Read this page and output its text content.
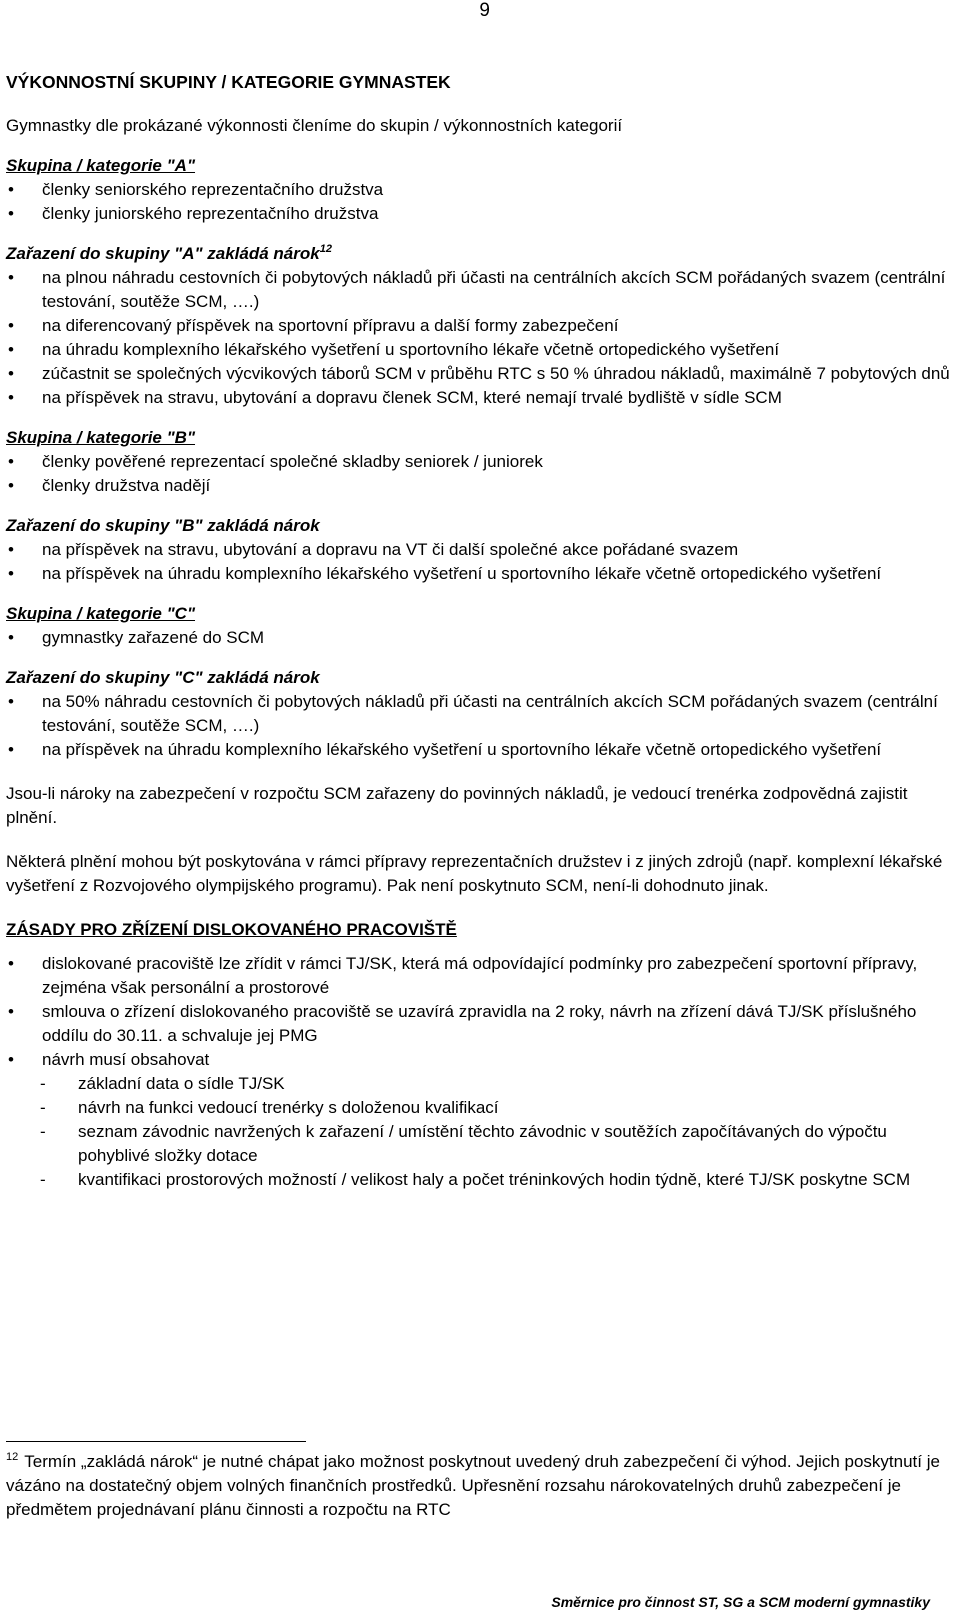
9

VÝKONNOSTNÍ SKUPINY / KATEGORIE GYMNASTEK

Gymnastky dle prokázané výkonnosti členíme do skupin / výkonnostních kategorií

Skupina / kategorie "A"

• členky seniorského reprezentačního družstva
• členky juniorského reprezentačního družstva

Zařazení do skupiny "A" zakládá nárok$^{12}$

• na plnou náhradu cestovních či pobytových nákladů při účasti na centrálních akcích SCM pořádaných svazem (centrální testování, soutěže SCM, ….)
• na diferencovaný příspěvek na sportovní přípravu a další formy zabezpečení
• na úhradu komplexního lékařského vyšetření u sportovního lékaře včetně ortopedického vyšetření
• zúčastnit se společných výcvikových táborů SCM v průběhu RTC s 50 % úhradou nákladů, maximálně 7 pobytových dnů
• na příspěvek na stravu, ubytování a dopravu členek SCM, které nemají trvalé bydliště v sídle SCM

Skupina / kategorie "B"

• členky pověřené reprezentací společné skladby seniorek / juniorek
• členky družstva nadějí

Zařazení do skupiny "B" zakládá nárok

• na příspěvek na stravu, ubytování a dopravu na VT či další společné akce pořádané svazem
• na příspěvek na úhradu komplexního lékařského vyšetření u sportovního lékaře včetně ortopedického vyšetření

Skupina / kategorie "C"

• gymnastky zařazené do SCM

Zařazení do skupiny "C" zakládá nárok

• na 50% náhradu cestovních či pobytových nákladů při účasti na centrálních akcích SCM pořádaných svazem (centrální testování, soutěže SCM, ….)
• na příspěvek na úhradu komplexního lékařského vyšetření u sportovního lékaře včetně ortopedického vyšetření

Jsou-li nároky na zabezpečení v rozpočtu SCM zařazeny do povinných nákladů, je vedoucí trenérka zodpovědná zajistit plnění.

Některá plnění mohou být poskytována v rámci přípravy reprezentačních družstev i z jiných zdrojů (např. komplexní lékařské vyšetření z Rozvojového olympijského programu). Pak není poskytnuto SCM, není-li dohodnuto jinak.

ZÁSADY PRO ZŘÍZENÍ DISLOKOVANÉHO PRACOVIŠTĚ

• dislokované pracoviště lze zřídit v rámci TJ/SK, která má odpovídající podmínky pro zabezpečení sportovní přípravy, zejména však personální a prostorové
• smlouva o zřízení dislokovaného pracoviště se uzavírá zpravidla na 2 roky, návrh na zřízení dává TJ/SK příslušného oddílu do 30.11. a schvaluje jej PMG
• návrh musí obsahovat
- základní data o sídle TJ/SK
- návrh na funkci vedoucí trenérky s doloženou kvalifikací
- seznam závodnic navržených k zařazení / umístění těchto závodnic v soutěžích započítávaných do výpočtu pohyblivé složky dotace
- kvantifikaci prostorových možností / velikost haly a počet tréninkových hodin týdně, které TJ/SK poskytne SCM
$^{12}$ Termín „zakládá nárok“ je nutné chápat jako možnost poskytnout uvedený druh zabezpečení či výhod. Jejich poskytnutí je vázáno na dostatečný objem volných finančních prostředků. Upřesnění rozsahu nárokovatelných druhů zabezpečení je předmětem projednávaní plánu činnosti a rozpočtu na RTC
Směrnice pro činnost ST, SG a SCM moderní gymnastiky
